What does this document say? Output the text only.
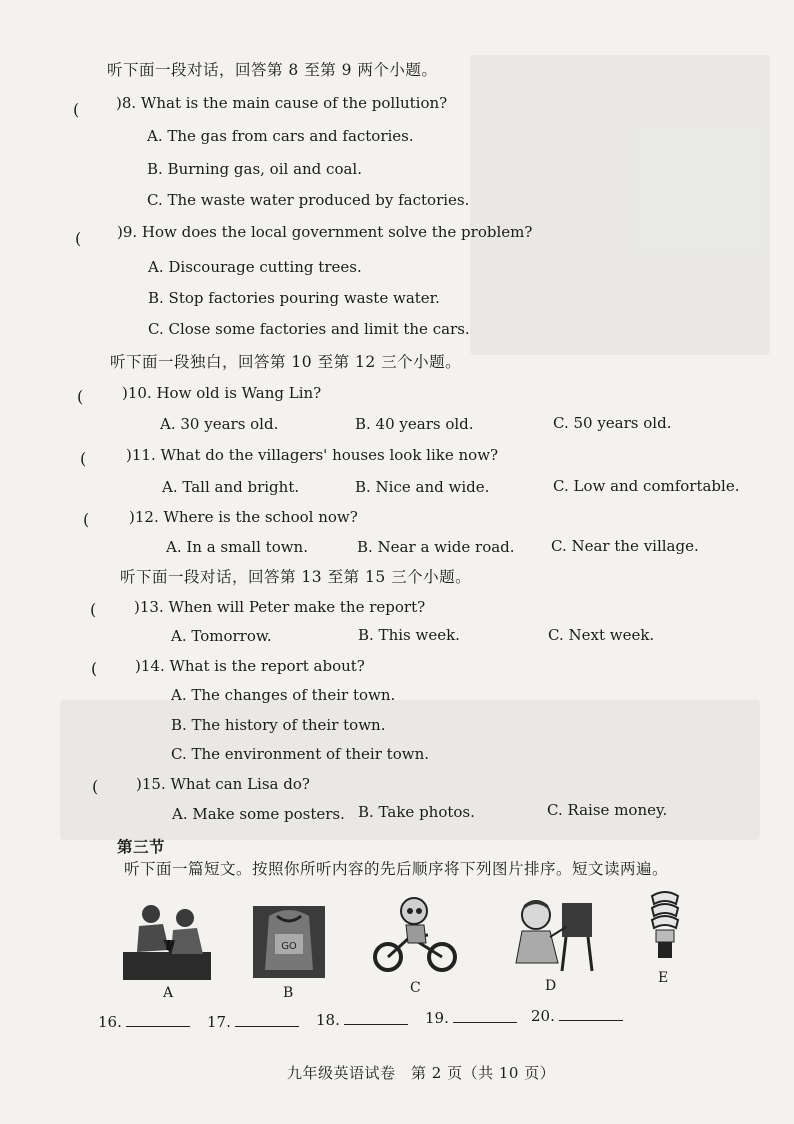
听下面一段对话，回答第 8 至第 9 两个小题。
( )8. What is the main cause of the pollution?
A. The gas from cars and factories.
B. Burning gas, oil and coal.
C. The waste water produced by factories.
( )9. How does the local government solve the problem?
A. Discourage cutting trees.
B. Stop factories pouring waste water.
C. Close some factories and limit the cars.
听下面一段独白，回答第 10 至第 12 三个小题。
(	)10. How old is Wang Lin?
A. 30 years old.	B. 40 years old.	C. 50 years old.
(	)11. What do the villagers' houses look like now?
A. Tall and bright.	B. Nice and wide.	C. Low and comfortable.
(	)12. Where is the school now?
A. In a small town.	B. Near a wide road. C. Near the village.
听下面一段对话，回答第 13 至第 15 三个小题。
(	)13. When will Peter make the report?
A. Tomorrow.	B. This week.	C. Next week.
(	)14. What is the report about?
A. The changes of their town.
B. The history of their town.
C. The environment of their town.
(	)15. What can Lisa do?
A. Make some posters. B. Take photos.	C. Raise money.
第三节
听下面一篇短文。按照你所听内容的先后顺序将下列图片排序。短文读两遍。
A
GO
B	C	D	E
16.	17.	18.	19.	20.
九年级英语试卷　第 2 页（共 10 页）
